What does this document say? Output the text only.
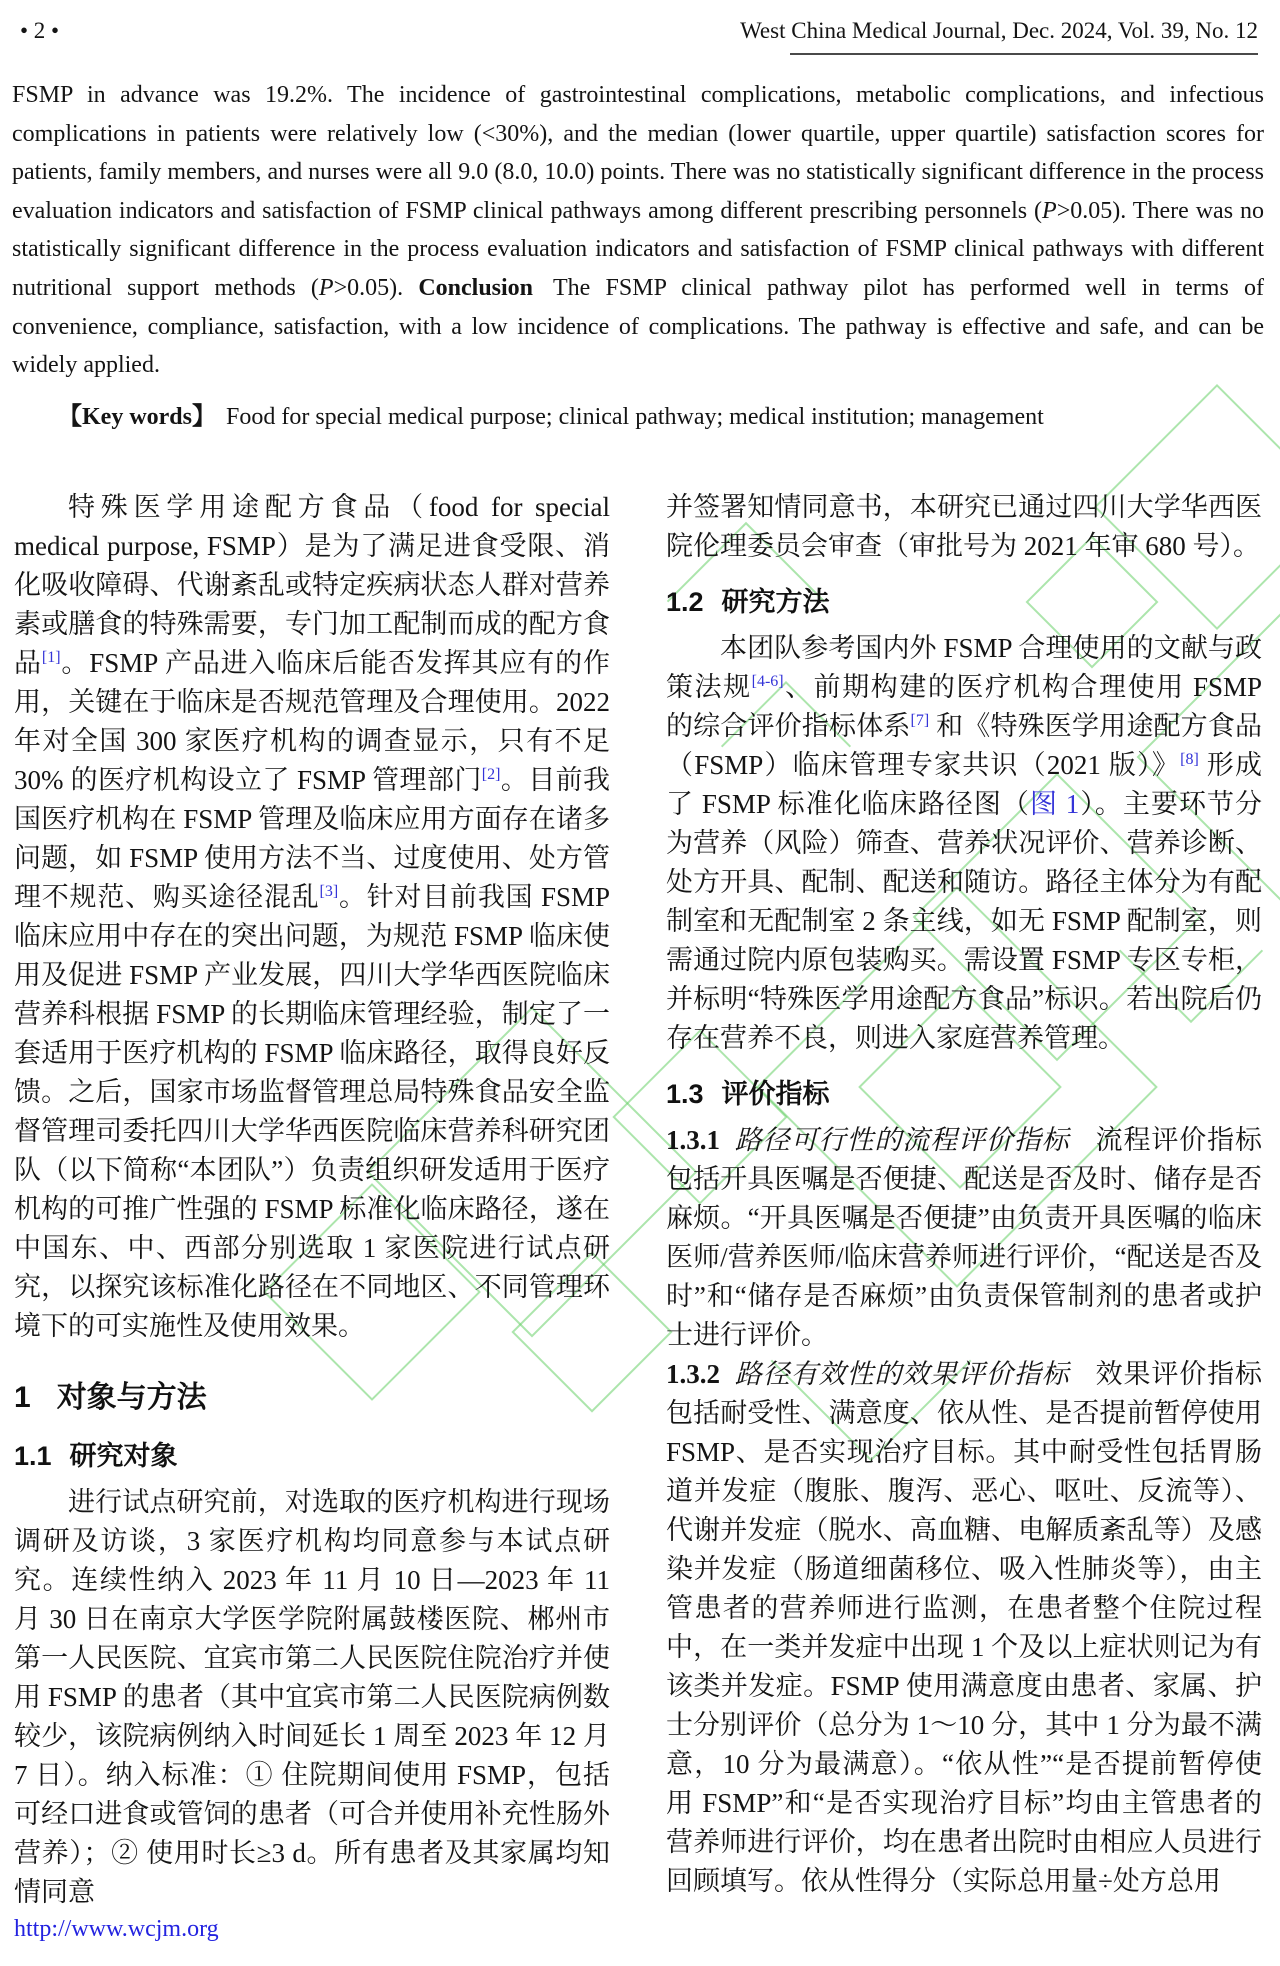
• 2 •	West China Medical Journal, Dec. 2024, Vol. 39, No. 12

FSMP in advance was 19.2%. The incidence of gastrointestinal complications, metabolic complications, and infectious complications in patients were relatively low (<30%), and the median (lower quartile, upper quartile) satisfaction scores for patients, family members, and nurses were all 9.0 (8.0, 10.0) points. There was no statistically significant difference in the process evaluation indicators and satisfaction of FSMP clinical pathways among different prescribing personnels (P>0.05). There was no statistically significant difference in the process evaluation indicators and satisfaction of FSMP clinical pathways with different nutritional support methods (P>0.05). Conclusion The FSMP clinical pathway pilot has performed well in terms of convenience, compliance, satisfaction, with a low incidence of complications. The pathway is effective and safe, and can be widely applied.

【Key words】 Food for special medical purpose; clinical pathway; medical institution; management

特殊医学用途配方食品（food for special medical purpose, FSMP）是为了满足进食受限、消化吸收障碍、代谢紊乱或特定疾病状态人群对营养素或膳食的特殊需要，专门加工配制而成的配方食品[1]。FSMP 产品进入临床后能否发挥其应有的作用，关键在于临床是否规范管理及合理使用。2022 年对全国 300 家医疗机构的调查显示，只有不足 30% 的医疗机构设立了 FSMP 管理部门[2]。目前我国医疗机构在 FSMP 管理及临床应用方面存在诸多问题，如 FSMP 使用方法不当、过度使用、处方管理不规范、购买途径混乱[3]。针对目前我国 FSMP 临床应用中存在的突出问题，为规范 FSMP 临床使用及促进 FSMP 产业发展，四川大学华西医院临床营养科根据 FSMP 的长期临床管理经验，制定了一套适用于医疗机构的 FSMP 临床路径，取得良好反馈。之后，国家市场监督管理总局特殊食品安全监督管理司委托四川大学华西医院临床营养科研究团队（以下简称“本团队”）负责组织研发适用于医疗机构的可推广性强的 FSMP 标准化临床路径，遂在中国东、中、西部分别选取 1 家医院进行试点研究，以探究该标准化路径在不同地区、不同管理环境下的可实施性及使用效果。

1 对象与方法
1.1 研究对象

进行试点研究前，对选取的医疗机构进行现场调研及访谈，3 家医疗机构均同意参与本试点研究。连续性纳入 2023 年 11 月 10 日—2023 年 11 月 30 日在南京大学医学院附属鼓楼医院、郴州市第一人民医院、宜宾市第二人民医院住院治疗并使用 FSMP 的患者（其中宜宾市第二人民医院病例数较少，该院病例纳入时间延长 1 周至 2023 年 12 月 7 日）。纳入标准：① 住院期间使用 FSMP，包括可经口进食或管饲的患者（可合并使用补充性肠外营养）；② 使用时长≥3 d。所有患者及其家属均知情同意

并签署知情同意书，本研究已通过四川大学华西医院伦理委员会审查（审批号为 2021 年审 680 号）。

1.2 研究方法

本团队参考国内外 FSMP 合理使用的文献与政策法规[4-6]、前期构建的医疗机构合理使用 FSMP 的综合评价指标体系[7] 和《特殊医学用途配方食品（FSMP）临床管理专家共识（2021 版）》[8] 形成了 FSMP 标准化临床路径图（图 1）。主要环节分为营养（风险）筛查、营养状况评价、营养诊断、处方开具、配制、配送和随访。路径主体分为有配制室和无配制室 2 条主线，如无 FSMP 配制室，则需通过院内原包装购买。需设置 FSMP 专区专柜，并标明“特殊医学用途配方食品”标识。若出院后仍存在营养不良，则进入家庭营养管理。

1.3 评价指标

1.3.1 路径可行性的流程评价指标 流程评价指标包括开具医嘱是否便捷、配送是否及时、储存是否麻烦。“开具医嘱是否便捷”由负责开具医嘱的临床医师/营养医师/临床营养师进行评价，“配送是否及时”和“储存是否麻烦”由负责保管制剂的患者或护士进行评价。

1.3.2 路径有效性的效果评价指标 效果评价指标包括耐受性、满意度、依从性、是否提前暂停使用 FSMP、是否实现治疗目标。其中耐受性包括胃肠道并发症（腹胀、腹泻、恶心、呕吐、反流等）、代谢并发症（脱水、高血糖、电解质紊乱等）及感染并发症（肠道细菌移位、吸入性肺炎等），由主管患者的营养师进行监测，在患者整个住院过程中，在一类并发症中出现 1 个及以上症状则记为有该类并发症。FSMP 使用满意度由患者、家属、护士分别评价（总分为 1～10 分，其中 1 分为最不满意，10 分为最满意）。“依从性”“是否提前暂停使用 FSMP”和“是否实现治疗目标”均由主管患者的营养师进行评价，均在患者出院时由相应人员进行回顾填写。依从性得分（实际总用量÷处方总用

http://www.wcjm.org
